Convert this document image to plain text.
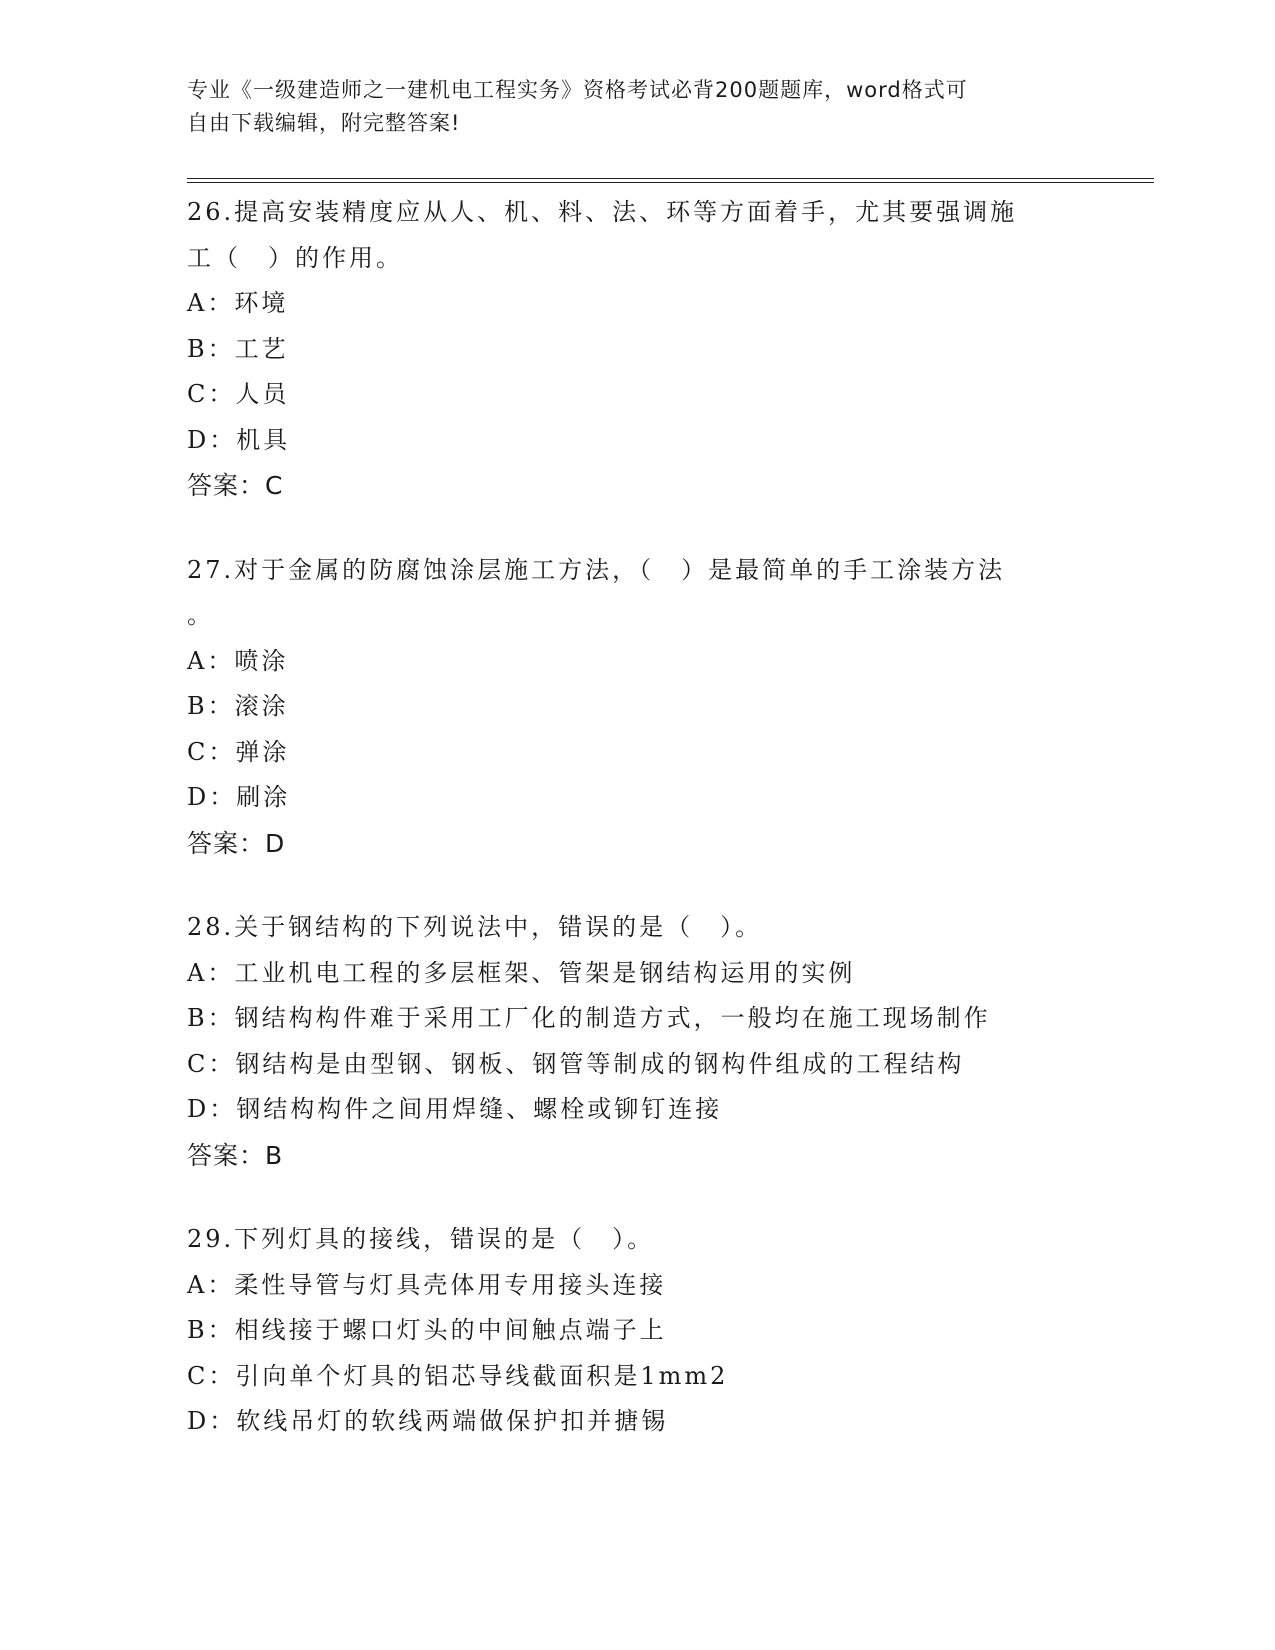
专业《一级建造师之一建机电工程实务》资格考试必背200题题库，word格式可
自由下载编辑，附完整答案!
26.提高安装精度应从人、机、料、法、环等方面着手，尤其要强调施
工（　）的作用。
A：环境
B：工艺
C：人员
D：机具
答案：C
27.对于金属的防腐蚀涂层施工方法，（　）是最简单的手工涂装方法
。
A：喷涂
B：滚涂
C：弹涂
D：刷涂
答案：D
28.关于钢结构的下列说法中，错误的是（　）。
A：工业机电工程的多层框架、管架是钢结构运用的实例
B：钢结构构件难于采用工厂化的制造方式，一般均在施工现场制作
C：钢结构是由型钢、钢板、钢管等制成的钢构件组成的工程结构
D：钢结构构件之间用焊缝、螺栓或铆钉连接
答案：B
29.下列灯具的接线，错误的是（　）。
A：柔性导管与灯具壳体用专用接头连接
B：相线接于螺口灯头的中间触点端子上
C：引向单个灯具的铝芯导线截面积是1mm2
D：软线吊灯的软线两端做保护扣并搪锡
